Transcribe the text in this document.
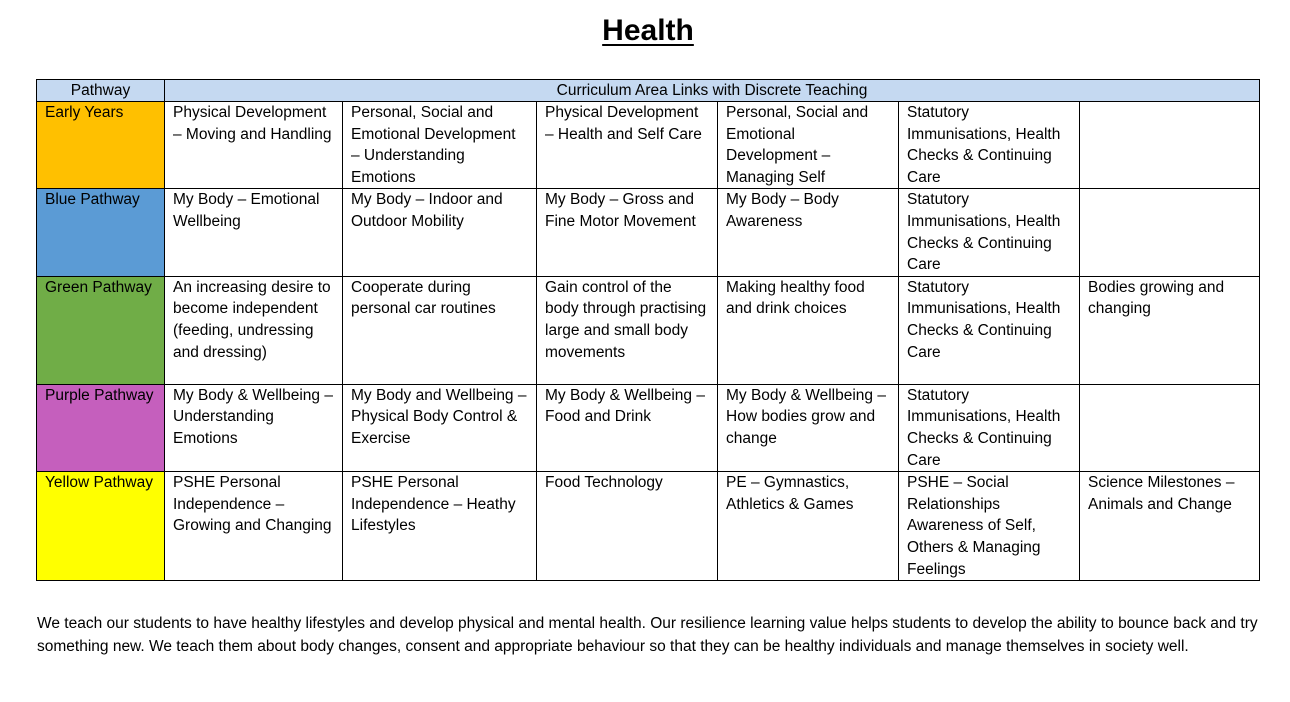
Health
Pathway	Curriculum Area Links with Discrete Teaching					
Early Years	Physical Development – Moving and Handling	Personal, Social and Emotional Development – Understanding Emotions	Physical Development – Health and Self Care	Personal, Social and Emotional Development – Managing Self	Statutory Immunisations, Health Checks & Continuing Care	
Blue Pathway	My Body – Emotional Wellbeing	My Body – Indoor and Outdoor Mobility	My Body – Gross and Fine Motor Movement	My Body – Body Awareness	Statutory Immunisations, Health Checks & Continuing Care	
Green Pathway	An increasing desire to become independent (feeding, undressing and dressing)	Cooperate during personal car routines	Gain control of the body through practising large and small body movements	Making healthy food and drink choices	Statutory Immunisations, Health Checks & Continuing Care	Bodies growing and changing
Purple Pathway	My Body & Wellbeing – Understanding Emotions	My Body and Wellbeing – Physical Body Control & Exercise	My Body & Wellbeing – Food and Drink	My Body & Wellbeing – How bodies grow and change	Statutory Immunisations, Health Checks & Continuing Care	
Yellow Pathway	PSHE Personal Independence – Growing and Changing	PSHE Personal Independence – Heathy Lifestyles	Food Technology	PE – Gymnastics, Athletics & Games	PSHE – Social Relationships Awareness of Self, Others & Managing Feelings	Science Milestones – Animals and Change
We teach our students to have healthy lifestyles and develop physical and mental health. Our resilience learning value helps students to develop the ability to bounce back and try something new. We teach them about body changes, consent and appropriate behaviour so that they can be healthy individuals and manage themselves in society well.
